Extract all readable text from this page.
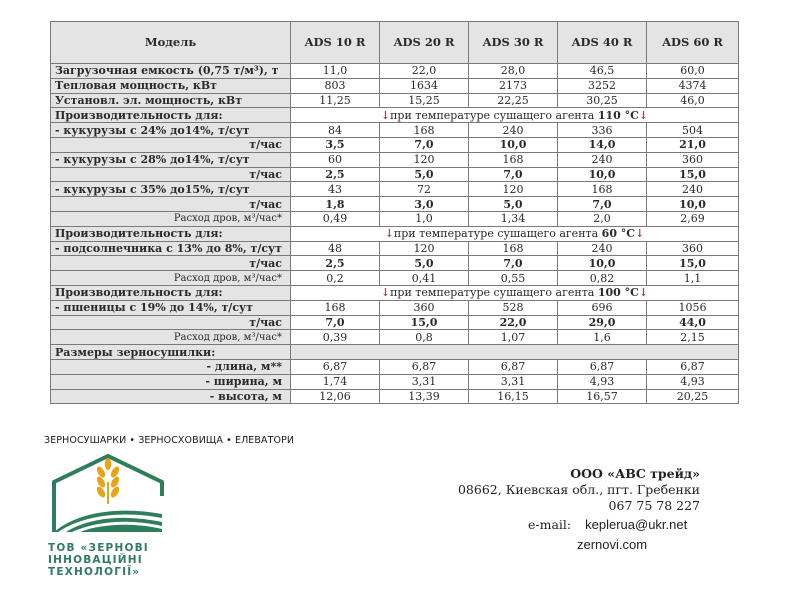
Модель	ADS 10 R	ADS 20 R	ADS 30 R	ADS 40 R	ADS 60 R
Загрузочная емкость (0,75 т/м³), т	11,0	22,0	28,0	46,5	60,0
Тепловая мощность, кВт	803	1634	2173	3252	4374
Установл. эл. мощность, кВт	11,25	15,25	22,25	30,25	46,0
Производительность для:	↓при температуре сушащего агента 110 °C↓				
- кукурузы с 24% до14%, т/сут	84	168	240	336	504
т/час	3,5	7,0	10,0	14,0	21,0
- кукурузы с 28% до14%, т/сут	60	120	168	240	360
т/час	2,5	5,0	7,0	10,0	15,0
- кукурузы с 35% до15%, т/сут	43	72	120	168	240
т/час	1,8	3,0	5,0	7,0	10,0
Расход дров, м³/час*	0,49	1,0	1,34	2,0	2,69
Производительность для:	↓при температуре сушащего агента 60 °C↓				
- подсолнечника с 13% до 8%, т/сут	48	120	168	240	360
т/час	2,5	5,0	7,0	10,0	15,0
Расход дров, м³/час*	0,2	0,41	0,55	0,82	1,1
Производительность для:	↓при температуре сушащего агента 100 °C↓				
- пшеницы с 19% до 14%, т/сут	168	360	528	696	1056
т/час	7,0	15,0	22,0	29,0	44,0
Расход дров, м³/час*	0,39	0,8	1,07	1,6	2,15
Размеры зерносушилки:					
- длина, м**	6,87	6,87	6,87	6,87	6,87
- ширина, м	1,74	3,31	3,31	4,93	4,93
- высота, м	12,06	13,39	16,15	16,57	20,25
ЗЕРНОСУШАРКИ • ЗЕРНОСХОВИЩА • ЕЛЕВАТОРИ
ТОВ «ЗЕРНОВІ
ІННОВАЦІЙНІ
ТЕХНОЛОГІЇ»
ООО «АВС трейд»
08662, Киевская обл., пгт. Гребенки
067 75 78 227
e-mail: keplerua@ukr.net
zernovi.com
